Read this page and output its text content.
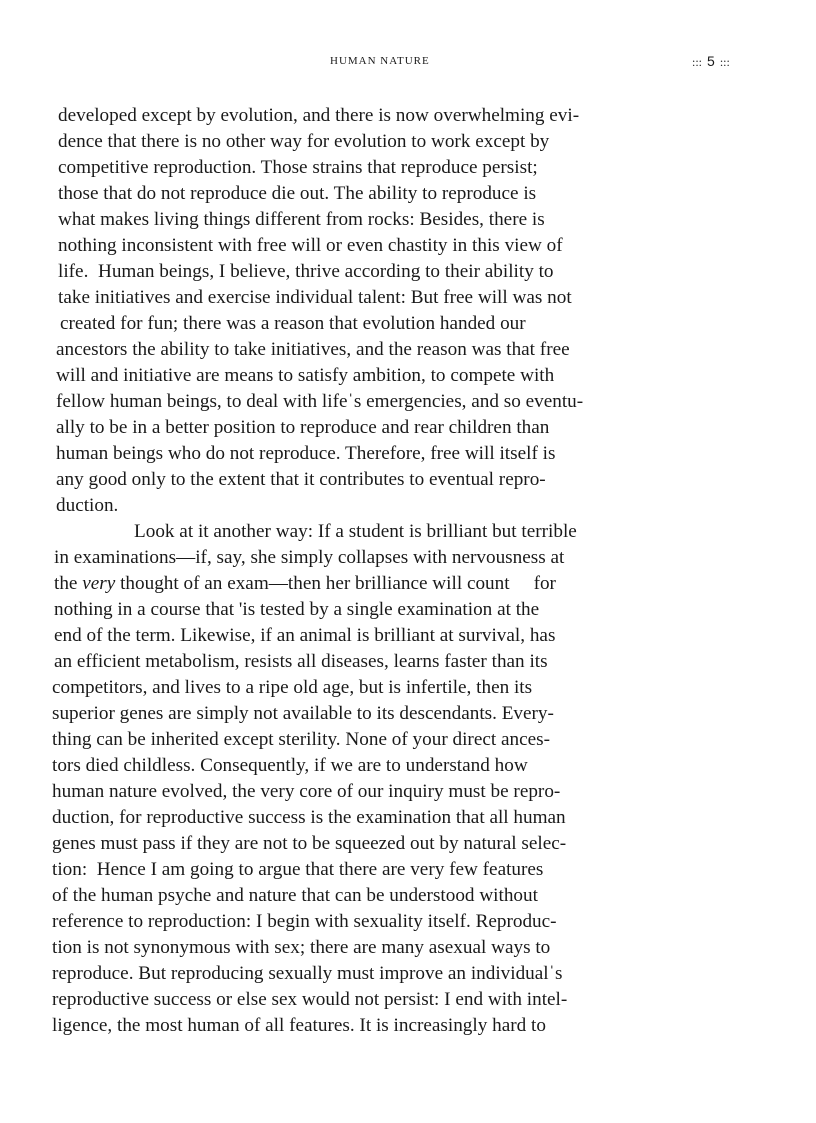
HUMAN NATURE	::: 5 :::
developed except by evolution, and there is now overwhelming evi-
dence that there is no other way for evolution to work except by
competitive reproduction. Those strains that reproduce persist;
those that do not reproduce die out. The ability to reproduce is
what makes living things different from rocks: Besides, there is
nothing inconsistent with free will or even chastity in this view of
life.  Human beings, I believe, thrive according to their ability to
take initiatives and exercise individual talent: But free will was not
created for fun; there was a reason that evolution handed our
ancestors the ability to take initiatives, and the reason was that free
will and initiative are means to satisfy ambition, to compete with
fellow human beings, to deal with lifeˈs emergencies, and so eventu-
ally to be in a better position to reproduce and rear children than
human beings who do not reproduce. Therefore, free will itself is
any good only to the extent that it contributes to eventual repro-
duction.
Look at it another way: If a student is brilliant but terrible
in examinations—if, say, she simply collapses with nervousness at
the very thought of an exam—then her brilliance will count     for
nothing in a course that 'is tested by a single examination at the
end of the term. Likewise, if an animal is brilliant at survival, has
an efficient metabolism, resists all diseases, learns faster than its
competitors, and lives to a ripe old age, but is infertile, then its
superior genes are simply not available to its descendants. Every-
thing can be inherited except sterility. None of your direct ances-
tors died childless. Consequently, if we are to understand how
human nature evolved, the very core of our inquiry must be repro-
duction, for reproductive success is the examination that all human
genes must pass if they are not to be squeezed out by natural selec-
tion:  Hence I am going to argue that there are very few features
of the human psyche and nature that can be understood without
reference to reproduction: I begin with sexuality itself. Reproduc-
tion is not synonymous with sex; there are many asexual ways to
reproduce. But reproducing sexually must improve an individualˈs
reproductive success or else sex would not persist: I end with intel-
ligence, the most human of all features. It is increasingly hard to
